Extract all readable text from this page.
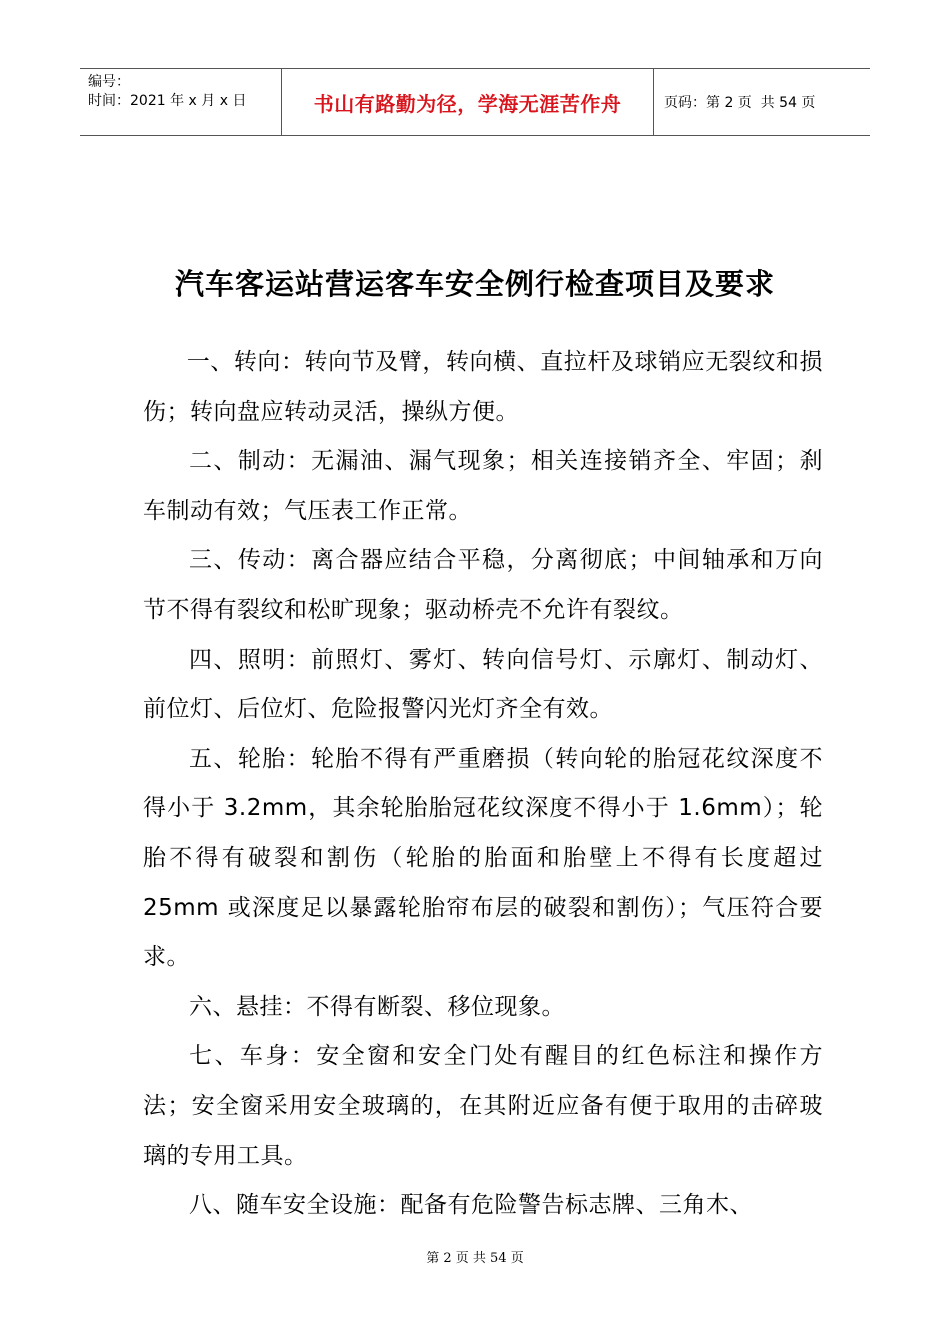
编号：
时间：2021 年 x 月 x 日	书山有路勤为径，学海无涯苦作舟	页码：第 2 页  共 54 页
汽车客运站营运客车安全例行检查项目及要求

一、转向：转向节及臂，转向横、直拉杆及球销应无裂纹和损伤；转向盘应转动灵活，操纵方便。

二、制动：无漏油、漏气现象；相关连接销齐全、牢固；刹车制动有效；气压表工作正常。

三、传动：离合器应结合平稳，分离彻底；中间轴承和万向节不得有裂纹和松旷现象；驱动桥壳不允许有裂纹。

四、照明：前照灯、雾灯、转向信号灯、示廓灯、制动灯、前位灯、后位灯、危险报警闪光灯齐全有效。

五、轮胎：轮胎不得有严重磨损（转向轮的胎冠花纹深度不得小于 3.2mm，其余轮胎胎冠花纹深度不得小于 1.6mm）；轮胎不得有破裂和割伤（轮胎的胎面和胎壁上不得有长度超过 25mm 或深度足以暴露轮胎帘布层的破裂和割伤）；气压符合要求。

六、悬挂：不得有断裂、移位现象。

七、车身：安全窗和安全门处有醒目的红色标注和操作方法；安全窗采用安全玻璃的，在其附近应备有便于取用的击碎玻璃的专用工具。

八、随车安全设施：配备有危险警告标志牌、三角木、

第 2 页 共 54 页
